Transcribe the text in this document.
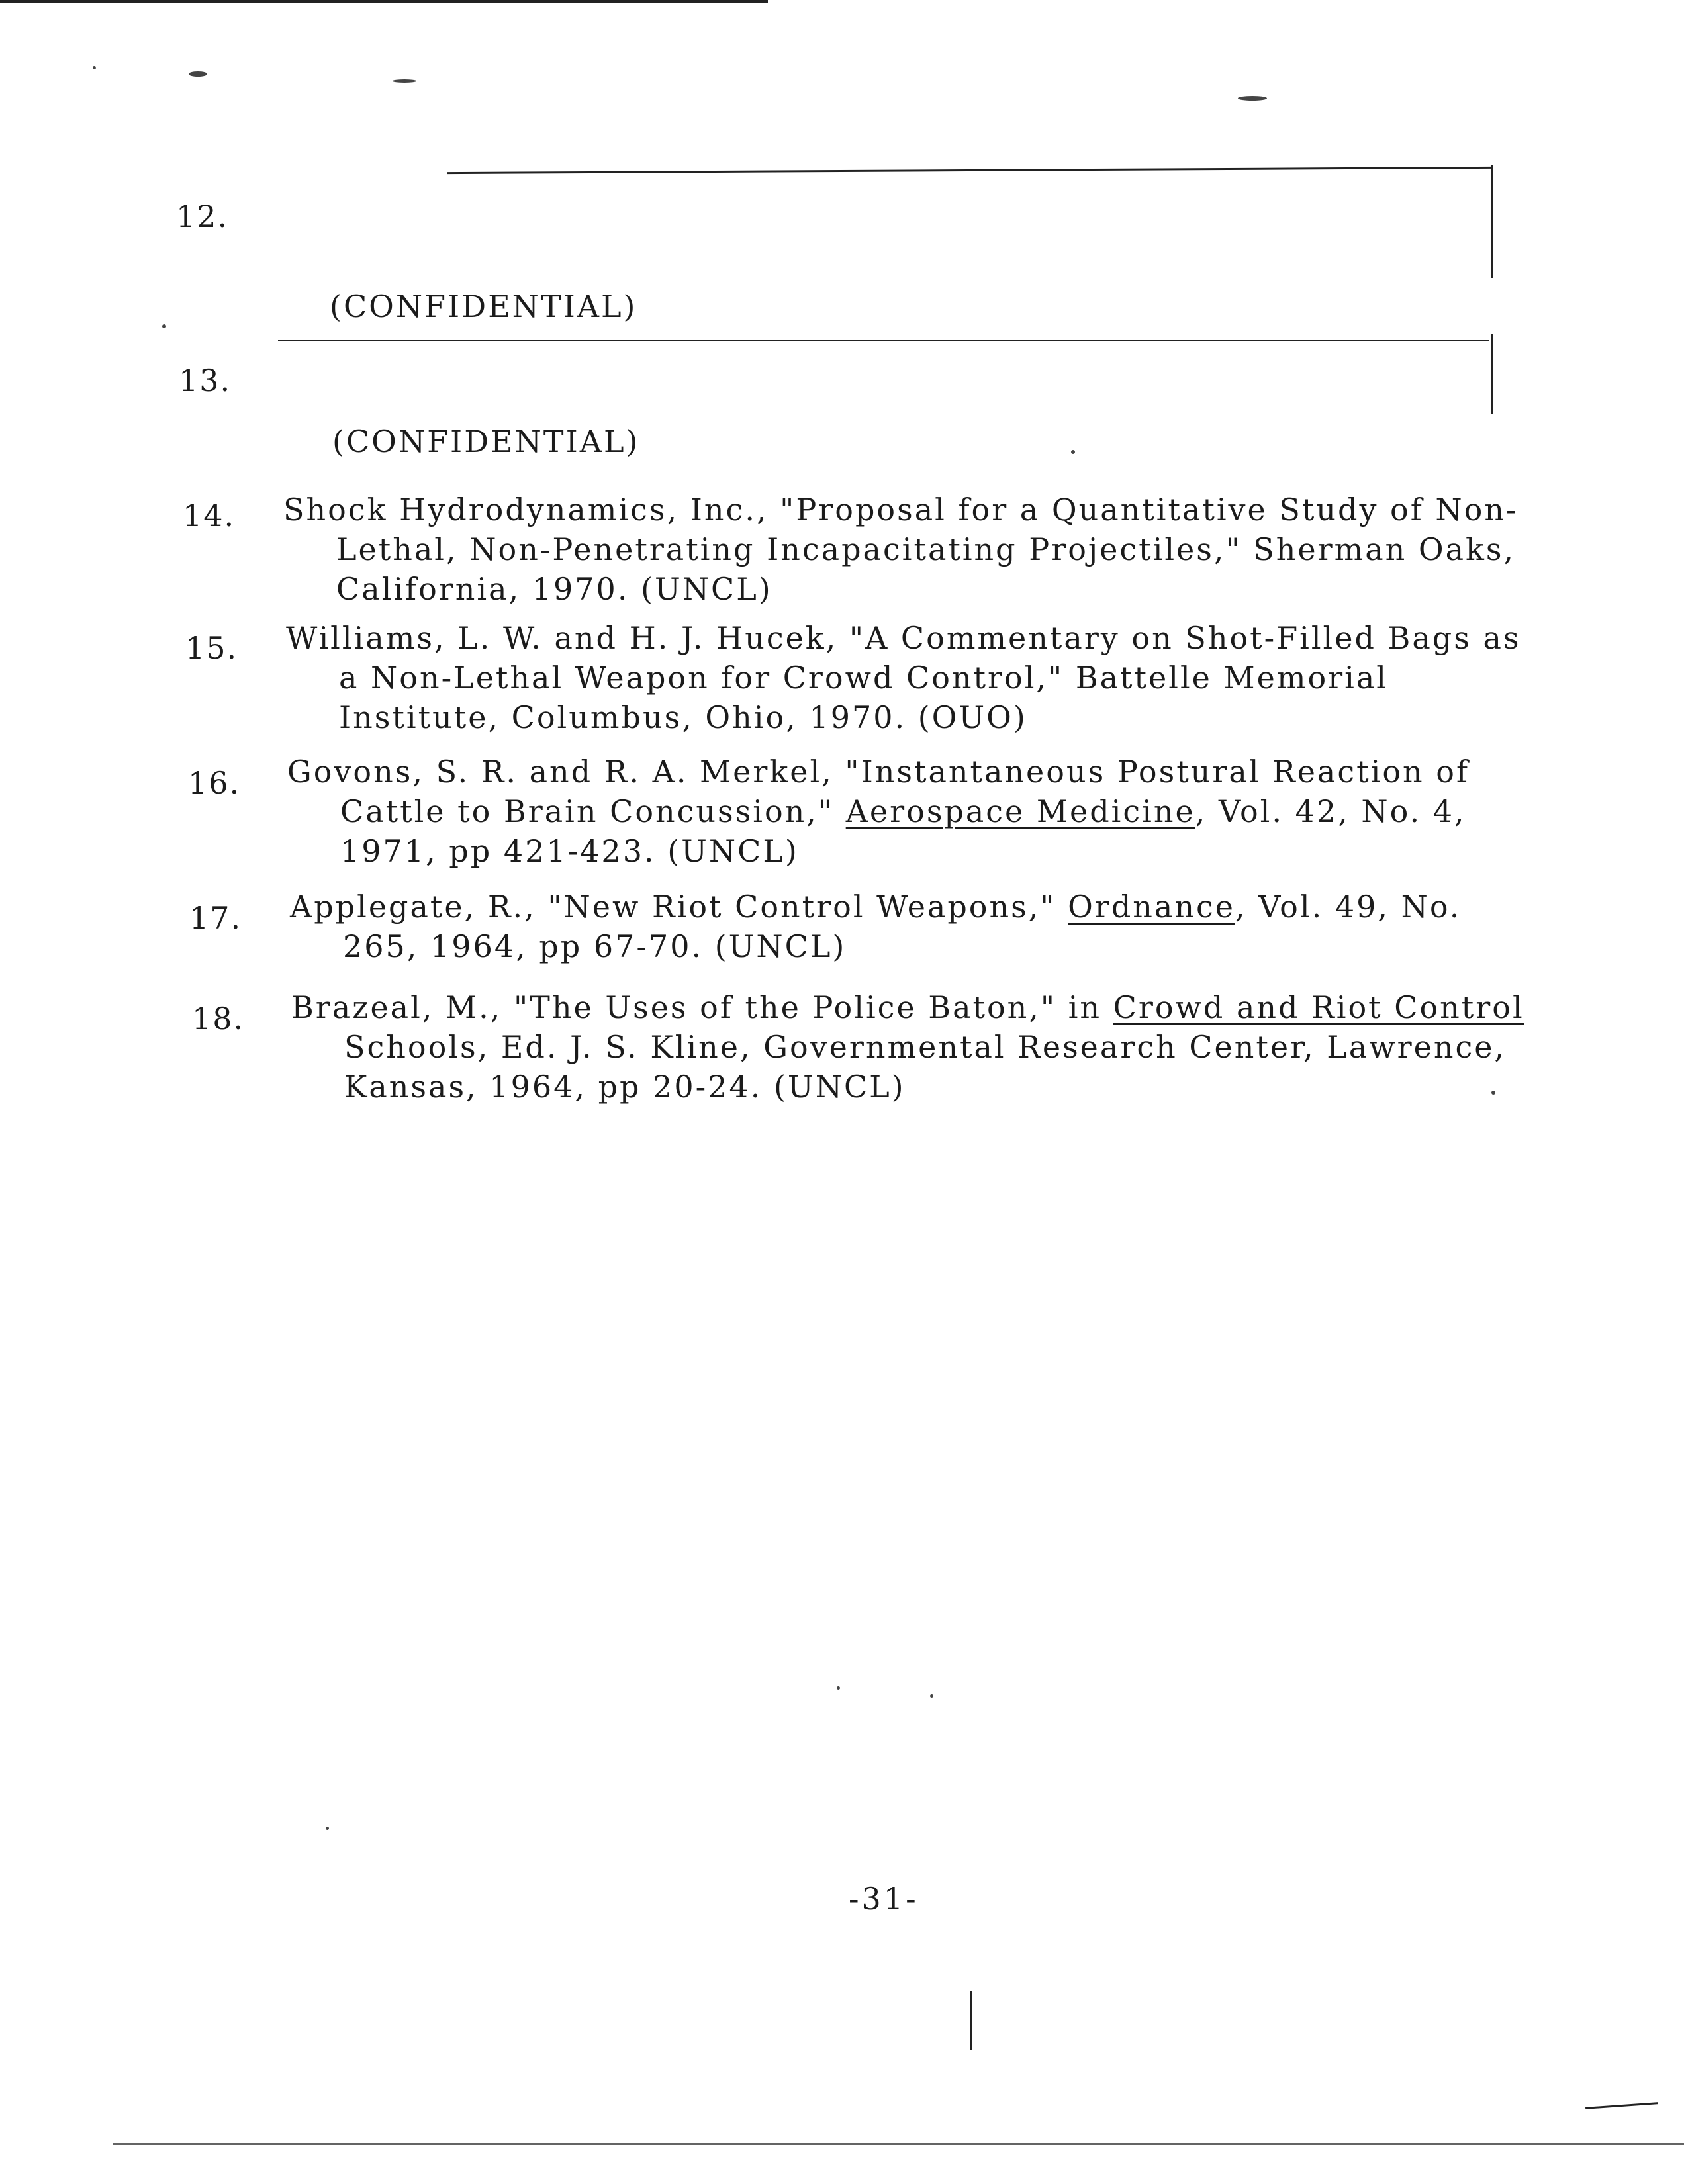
12.
(CONFIDENTIAL)
13.
(CONFIDENTIAL)
14. Shock Hydrodynamics, Inc., "Proposal for a Quantitative Study of Non-Lethal, Non-Penetrating Incapacitating Projectiles," Sherman Oaks, California, 1970. (UNCL)
15. Williams, L. W. and H. J. Hucek, "A Commentary on Shot-Filled Bags as a Non-Lethal Weapon for Crowd Control," Battelle Memorial Institute, Columbus, Ohio, 1970. (OUO)
16. Govons, S. R. and R. A. Merkel, "Instantaneous Postural Reaction of Cattle to Brain Concussion," Aerospace Medicine, Vol. 42, No. 4, 1971, pp 421-423. (UNCL)
17. Applegate, R., "New Riot Control Weapons," Ordnance, Vol. 49, No. 265, 1964, pp 67-70. (UNCL)
18. Brazeal, M., "The Uses of the Police Baton," in Crowd and Riot Control Schools, Ed. J. S. Kline, Governmental Research Center, Lawrence, Kansas, 1964, pp 20-24. (UNCL)
-31-
